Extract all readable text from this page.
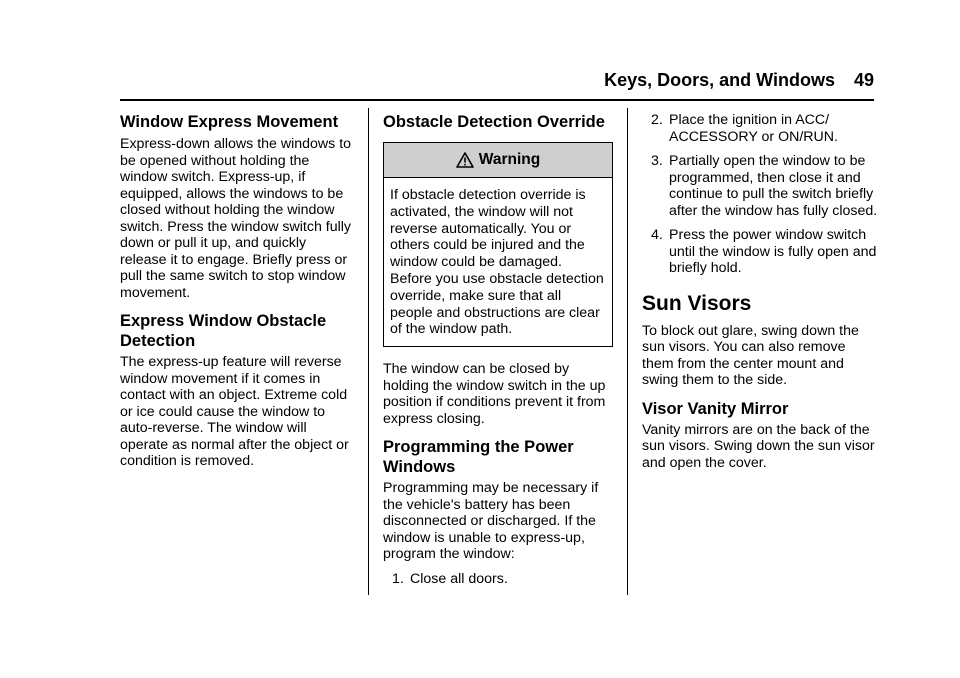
Keys, Doors, and Windows 49
Window Express Movement

Express-down allows the windows to be opened without holding the window switch. Express-up, if equipped, allows the windows to be closed without holding the window switch. Press the window switch fully down or pull it up, and quickly release it to engage. Briefly press or pull the same switch to stop window movement.

Express Window Obstacle Detection

The express-up feature will reverse window movement if it comes in contact with an object. Extreme cold or ice could cause the window to auto-reverse. The window will operate as normal after the object or condition is removed.

Obstacle Detection Override
Warning
If obstacle detection override is activated, the window will not reverse automatically. You or others could be injured and the window could be damaged. Before you use obstacle detection override, make sure that all people and obstructions are clear of the window path.

The window can be closed by holding the window switch in the up position if conditions prevent it from express closing.

Programming the Power Windows

Programming may be necessary if the vehicle's battery has been disconnected or discharged. If the window is unable to express-up, program the window:

1. Close all doors.
2. Place the ignition in ACC/ ACCESSORY or ON/RUN.
3. Partially open the window to be programmed, then close it and continue to pull the switch briefly after the window has fully closed.
4. Press the power window switch until the window is fully open and briefly hold.
Sun Visors

To block out glare, swing down the sun visors. You can also remove them from the center mount and swing them to the side.

Visor Vanity Mirror

Vanity mirrors are on the back of the sun visors. Swing down the sun visor and open the cover.
